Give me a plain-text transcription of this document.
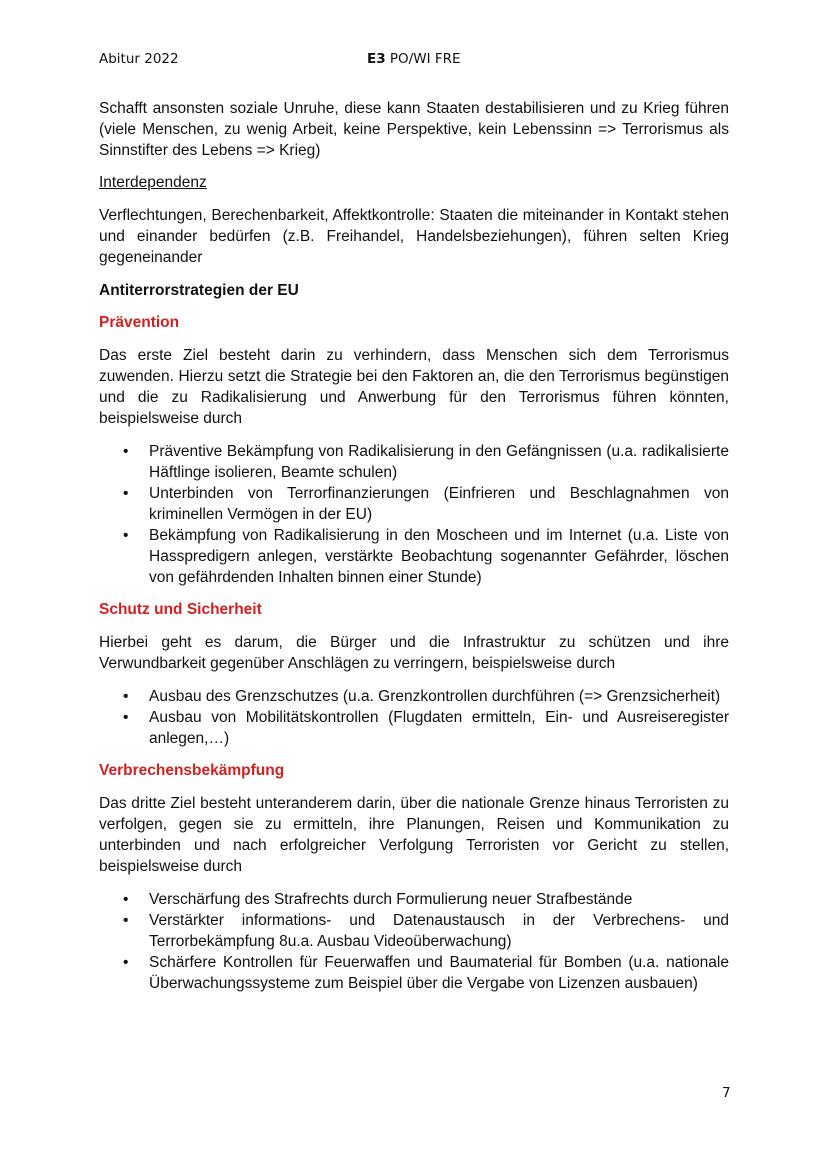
Abitur 2022	E3 PO/WI FRE

Schafft ansonsten soziale Unruhe, diese kann Staaten destabilisieren und zu Krieg führen (viele Menschen, zu wenig Arbeit, keine Perspektive, kein Lebenssinn => Terrorismus als Sinnstifter des Lebens => Krieg)

Interdependenz

Verflechtungen, Berechenbarkeit, Affektkontrolle: Staaten die miteinander in Kontakt stehen und einander bedürfen (z.B. Freihandel, Handelsbeziehungen), führen selten Krieg gegeneinander

Antiterrorstrategien der EU
Prävention

Das erste Ziel besteht darin zu verhindern, dass Menschen sich dem Terrorismus zuwenden. Hierzu setzt die Strategie bei den Faktoren an, die den Terrorismus begünstigen und die zu Radikalisierung und Anwerbung für den Terrorismus führen könnten, beispielsweise durch

• Präventive Bekämpfung von Radikalisierung in den Gefängnissen (u.a. radikalisierte Häftlinge isolieren, Beamte schulen)
• Unterbinden von Terrorfinanzierungen (Einfrieren und Beschlagnahmen von kriminellen Vermögen in der EU)
• Bekämpfung von Radikalisierung in den Moscheen und im Internet (u.a. Liste von Hasspredigern anlegen, verstärkte Beobachtung sogenannter Gefährder, löschen von gefährdenden Inhalten binnen einer Stunde)
Schutz und Sicherheit

Hierbei geht es darum, die Bürger und die Infrastruktur zu schützen und ihre Verwundbarkeit gegenüber Anschlägen zu verringern, beispielsweise durch

• Ausbau des Grenzschutzes (u.a. Grenzkontrollen durchführen (=> Grenzsicherheit)
• Ausbau von Mobilitätskontrollen (Flugdaten ermitteln, Ein- und Ausreiseregister anlegen,…)
Verbrechensbekämpfung

Das dritte Ziel besteht unteranderem darin, über die nationale Grenze hinaus Terroristen zu verfolgen, gegen sie zu ermitteln, ihre Planungen, Reisen und Kommunikation zu unterbinden und nach erfolgreicher Verfolgung Terroristen vor Gericht zu stellen, beispielsweise durch

• Verschärfung des Strafrechts durch Formulierung neuer Strafbestände
• Verstärkter informations- und Datenaustausch in der Verbrechens- und Terrorbekämpfung 8u.a. Ausbau Videoüberwachung)
• Schärfere Kontrollen für Feuerwaffen und Baumaterial für Bomben (u.a. nationale Überwachungssysteme zum Beispiel über die Vergabe von Lizenzen ausbauen)
7
